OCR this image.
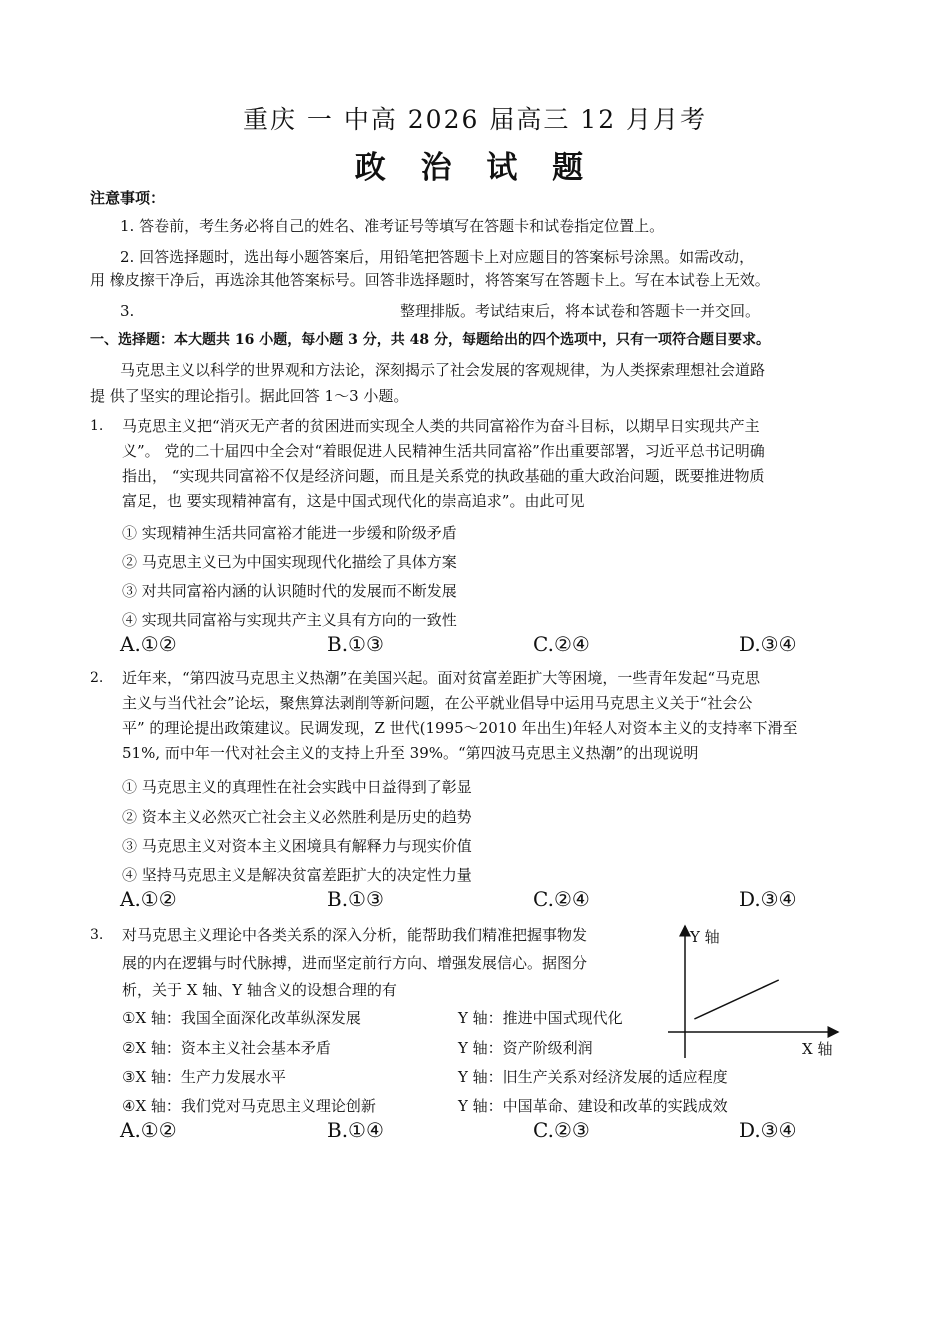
重庆 一 中高 2026 届高三 12 月月考
政 治 试 题
注意事项：
1. 答卷前，考生务必将自己的姓名、准考证号等填写在答题卡和试卷指定位置上。
2. 回答选择题时，选出每小题答案后，用铅笔把答题卡上对应题目的答案标号涂黑。如需改动，
用 橡皮擦干净后，再选涂其他答案标号。回答非选择题时，将答案写在答题卡上。写在本试卷上无效。
3.	整理排版。考试结束后，将本试卷和答题卡一并交回。
一、选择题：本大题共 16 小题，每小题 3 分，共 48 分，每题给出的四个选项中，只有一项符合题目要求。
马克思主义以科学的世界观和方法论，深刻揭示了社会发展的客观规律，为人类探索理想社会道路
提 供了坚实的理论指引。据此回答 1～3 小题。
1. 马克思主义把“消灭无产者的贫困进而实现全人类的共同富裕作为奋斗目标，以期早日实现共产主
义”。 党的二十届四中全会对“着眼促进人民精神生活共同富裕”作出重要部署，习近平总书记明确
指出， “实现共同富裕不仅是经济问题，而且是关系党的执政基础的重大政治问题，既要推进物质
富足，也 要实现精神富有，这是中国式现代化的崇高追求”。由此可见
① 实现精神生活共同富裕才能进一步缓和阶级矛盾
② 马克思主义已为中国实现现代化描绘了具体方案
③ 对共同富裕内涵的认识随时代的发展而不断发展
④ 实现共同富裕与实现共产主义具有方向的一致性
A.①②	B.①③	C.②④	D.③④
2. 近年来，“第四波马克思主义热潮”在美国兴起。面对贫富差距扩大等困境，一些青年发起“马克思
主义与当代社会”论坛，聚焦算法剥削等新问题，在公平就业倡导中运用马克思主义关于“社会公
平” 的理论提出政策建议。民调发现，Z 世代(1995～2010 年出生)年轻人对资本主义的支持率下滑至
51%, 而中年一代对社会主义的支持上升至 39%。“第四波马克思主义热潮”的出现说明
① 马克思主义的真理性在社会实践中日益得到了彰显
② 资本主义必然灭亡社会主义必然胜利是历史的趋势
③ 马克思主义对资本主义困境具有解释力与现实价值
④ 坚持马克思主义是解决贫富差距扩大的决定性力量
A.①②	B.①③	C.②④	D.③④
3. 对马克思主义理论中各类关系的深入分析，能帮助我们精准把握事物发
展的内在逻辑与时代脉搏，进而坚定前行方向、增强发展信心。据图分
析，关于 X 轴、Y 轴含义的设想合理的有
①X 轴：我国全面深化改革纵深发展	Y 轴：推进中国式现代化
②X 轴：资本主义社会基本矛盾	Y 轴：资产阶级利润
③X 轴：生产力发展水平	Y 轴：旧生产关系对经济发展的适应程度
④X 轴：我们党对马克思主义理论创新	Y 轴：中国革命、建设和改革的实践成效
A.①②	B.①④	C.②③	D.③④
Y 轴
X 轴
